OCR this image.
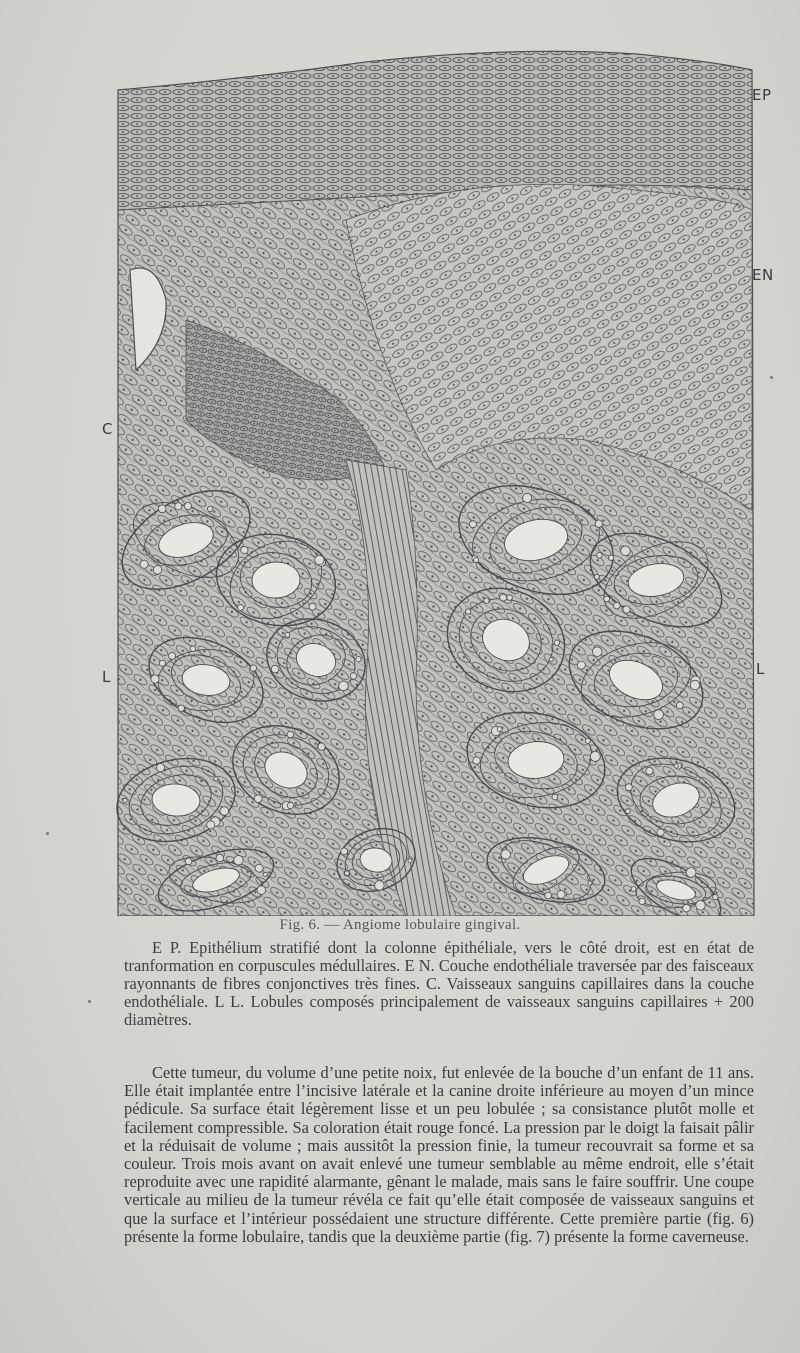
EP
EN
C
L	L
Fig. 6. — Angiome lobulaire gingival.

E P. Epithélium stratifié dont la colonne épithéliale, vers le côté droit, est en état de tranformation en corpuscules médullaires. E N. Couche endothéliale traversée par des faisceaux rayonnants de fibres conjonctives très fines. C. Vaisseaux sanguins capillaires dans la couche endothéliale. L L. Lobules composés principalement de vaisseaux sanguins capillaires + 200 diamètres.

Cette tumeur, du volume d’une petite noix, fut enlevée de la bouche d’un enfant de 11 ans. Elle était implantée entre l’incisive latérale et la canine droite inférieure au moyen d’un mince pédicule. Sa surface était légèrement lisse et un peu lobulée ; sa consistance plutôt molle et facilement compressible. Sa coloration était rouge foncé. La pression par le doigt la faisait pâlir et la réduisait de volume ; mais aussitôt la pression finie, la tumeur recouvrait sa forme et sa couleur. Trois mois avant on avait enlevé une tumeur semblable au même endroit, elle s’était reproduite avec une rapidité alarmante, gênant le malade, mais sans le faire souffrir. Une coupe verticale au milieu de la tumeur révéla ce fait qu’elle était composée de vaisseaux sanguins et que la surface et l’intérieur possédaient une structure différente. Cette première partie (fig. 6) présente la forme lobulaire, tandis que la deuxième partie (fig. 7) présente la forme caverneuse.
